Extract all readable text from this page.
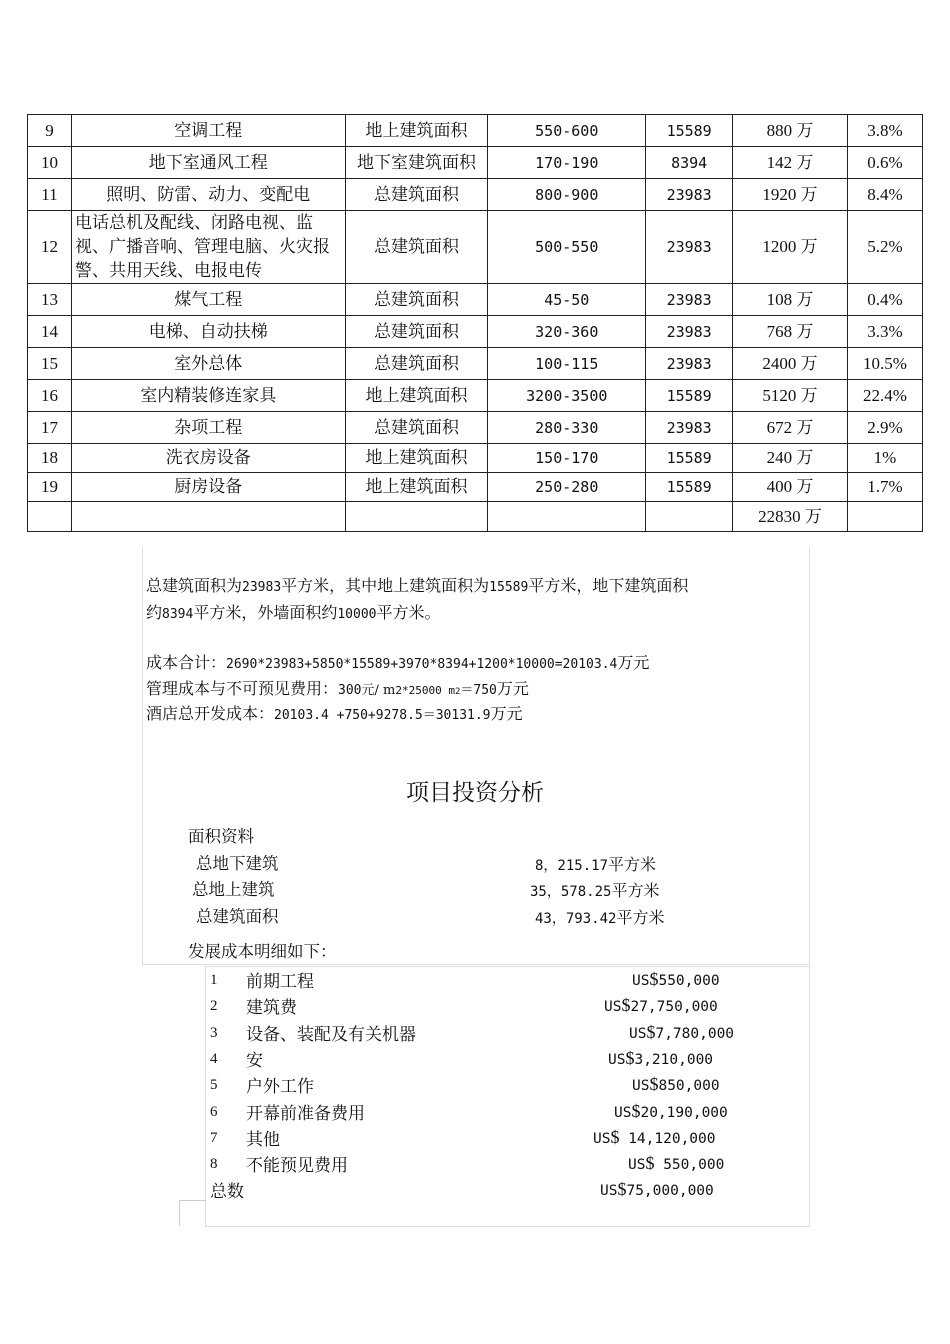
9	空调工程	地上建筑面积	550-600	15589	880 万	3.8%
10	地下室通风工程	地下室建筑面积	170-190	8394	142 万	0.6%
11	照明、防雷、动力、变配电	总建筑面积	800-900	23983	1920 万	8.4%
12	电话总机及配线、闭路电视、监视、广播音响、管理电脑、火灾报警、共用天线、电报电传	总建筑面积	500-550	23983	1200 万	5.2%
13	煤气工程	总建筑面积	45-50	23983	108 万	0.4%
14	电梯、自动扶梯	总建筑面积	320-360	23983	768 万	3.3%
15	室外总体	总建筑面积	100-115	23983	2400 万	10.5%
16	室内精装修连家具	地上建筑面积	3200-3500	15589	5120 万	22.4%
17	杂项工程	总建筑面积	280-330	23983	672 万	2.9%
18	洗衣房设备	地上建筑面积	150-170	15589	240 万	1%
19	厨房设备	地上建筑面积	250-280	15589	400 万	1.7%
					22830 万	
总建筑面积为23983平方米，其中地上建筑面积为15589平方米，地下建筑面积
约8394平方米，外墙面积约10000平方米。
成本合计：2690*23983+5850*15589+3970*8394+1200*10000=20103.4万元
管理成本与不可预见费用：300元/ m2*25000 m2＝750万元
酒店总开发成本：20103.4 +750+9278.5＝30131.9万元
项目投资分析
面积资料
总地下建筑	8，215.17平方米
总地上建筑	35，578.25平方米
总建筑面积	43，793.42平方米
发展成本明细如下：
1 前期工程	US$550,000
2 建筑费	US$27,750,000
3 设备、装配及有关机器	US$7,780,000
4 安	US$3,210,000
5 户外工作	US$850,000
6 开幕前准备费用	US$20,190,000
7 其他	US$ 14,120,000
8 不能预见费用	US$ 550,000
总数	US$75,000,000
